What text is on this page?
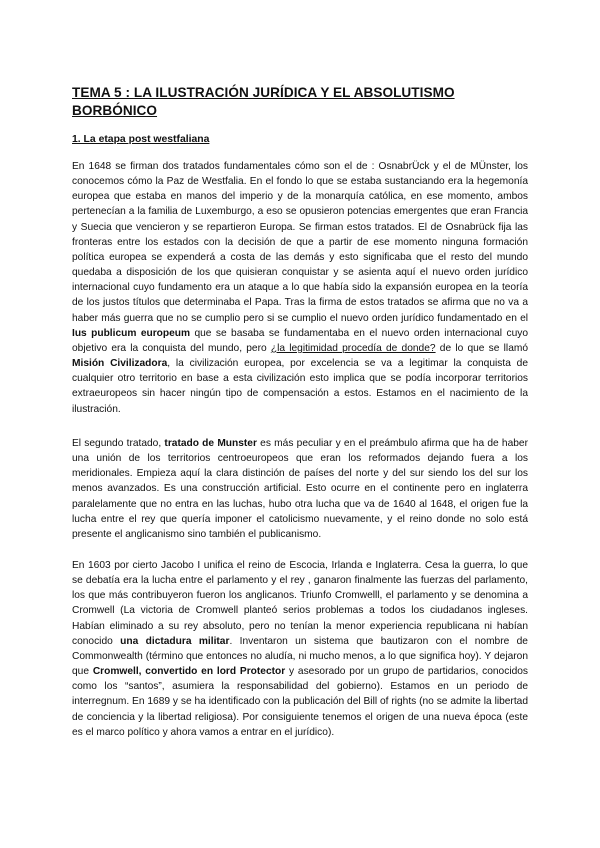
TEMA 5 : LA ILUSTRACIÓN JURÍDICA Y EL ABSOLUTISMO
BORBÓNICO
1. La etapa post westfaliana

En 1648 se firman dos tratados fundamentales cómo son el de : OsnabrÜck y el de MÜnster, los conocemos cómo la Paz de Westfalia. En el fondo lo que se estaba sustanciando era la hegemonía europea que estaba en manos del imperio y de la monarquía católica, en ese momento, ambos pertenecían a la familia de Luxemburgo, a eso se opusieron potencias emergentes que eran Francia y Suecia que vencieron y se repartieron Europa. Se firman estos tratados. El de Osnabrück fija las fronteras entre los estados con la decisión de que a partir de ese momento ninguna formación política europea se expenderá a costa de las demás y esto significaba que el resto del mundo quedaba a disposición de los que quisieran conquistar y se asienta aquí el nuevo orden jurídico internacional cuyo fundamento era un ataque a lo que había sido la expansión europea en la teoría de los justos títulos que determinaba el Papa. Tras la firma de estos tratados se afirma que no va a haber más guerra que no se cumplio pero si se cumplio el nuevo orden jurídico fundamentado en el Ius publicum europeum que se basaba se fundamentaba en el nuevo orden internacional cuyo objetivo era la conquista del mundo, pero ¿la legitimidad procedía de donde? de lo que se llamó Misión Civilizadora, la civilización europea, por excelencia se va a legitimar la conquista de cualquier otro territorio en base a esta civilización esto implica que se podía incorporar territorios extraeuropeos sin hacer ningún tipo de compensación a estos. Estamos en el nacimiento de la ilustración.

El segundo tratado, tratado de Munster es más peculiar y en el preámbulo afirma que ha de haber una unión de los territorios centroeuropeos que eran los reformados dejando fuera a los meridionales. Empieza aquí la clara distinción de países del norte y del sur siendo los del sur los menos avanzados. Es una construcción artificial. Esto ocurre en el continente pero en inglaterra paralelamente que no entra en las luchas, hubo otra lucha que va de 1640 al 1648, el origen fue la lucha entre el rey que quería imponer el catolicismo nuevamente, y el reino donde no solo está presente el anglicanismo sino también el publicanismo.

En 1603 por cierto Jacobo I unifica el reino de Escocia, Irlanda e Inglaterra. Cesa la guerra, lo que se debatía era la lucha entre el parlamento y el rey , ganaron finalmente las fuerzas del parlamento, los que más contribuyeron fueron los anglicanos. Triunfo Cromwelll, el parlamento y se denomina a Cromwell (La victoria de Cromwell planteó serios problemas a todos los ciudadanos ingleses. Habían eliminado a su rey absoluto, pero no tenían la menor experiencia republicana ni habían conocido una dictadura militar. Inventaron un sistema que bautizaron con el nombre de Commonwealth (término que entonces no aludía, ni mucho menos, a lo que significa hoy). Y dejaron que Cromwell, convertido en lord Protector y asesorado por un grupo de partidarios, conocidos como los “santos”, asumiera la responsabilidad del gobierno). Estamos en un periodo de interregnum. En 1689 y se ha identificado con la publicación del Bill of rights (no se admite la libertad de conciencia y la libertad religiosa). Por consiguiente tenemos el origen de una nueva época (este es el marco político y ahora vamos a entrar en el jurídico).
